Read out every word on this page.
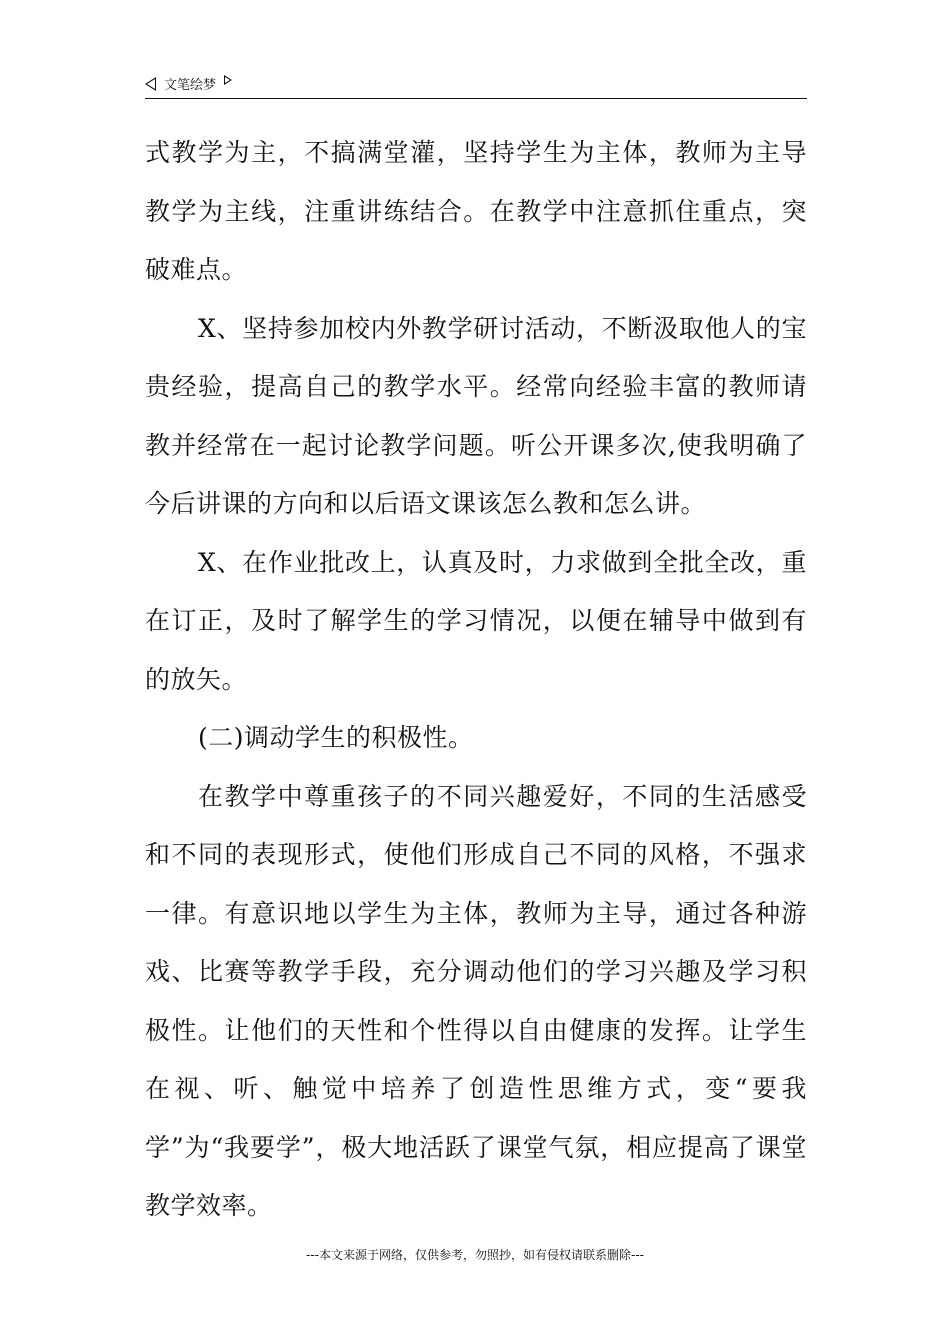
文笔绘梦

式教学为主，不搞满堂灌，坚持学生为主体，教师为主导教学为主线，注重讲练结合。在教学中注意抓住重点，突破难点。

X、坚持参加校内外教学研讨活动，不断汲取他人的宝贵经验，提高自己的教学水平。经常向经验丰富的教师请教并经常在一起讨论教学问题。听公开课多次,使我明确了今后讲课的方向和以后语文课该怎么教和怎么讲。

X、在作业批改上，认真及时，力求做到全批全改，重在订正，及时了解学生的学习情况，以便在辅导中做到有的放矢。

(二)调动学生的积极性。

在教学中尊重孩子的不同兴趣爱好，不同的生活感受和不同的表现形式，使他们形成自己不同的风格，不强求一律。有意识地以学生为主体，教师为主导，通过各种游戏、比赛等教学手段，充分调动他们的学习兴趣及学习积极性。让他们的天性和个性得以自由健康的发挥。让学生在视、听、触觉中培养了创造性思维方式，变“要我学”为“我要学”，极大地活跃了课堂气氛，相应提高了课堂教学效率。

---本文来源于网络，仅供参考，勿照抄，如有侵权请联系删除---
